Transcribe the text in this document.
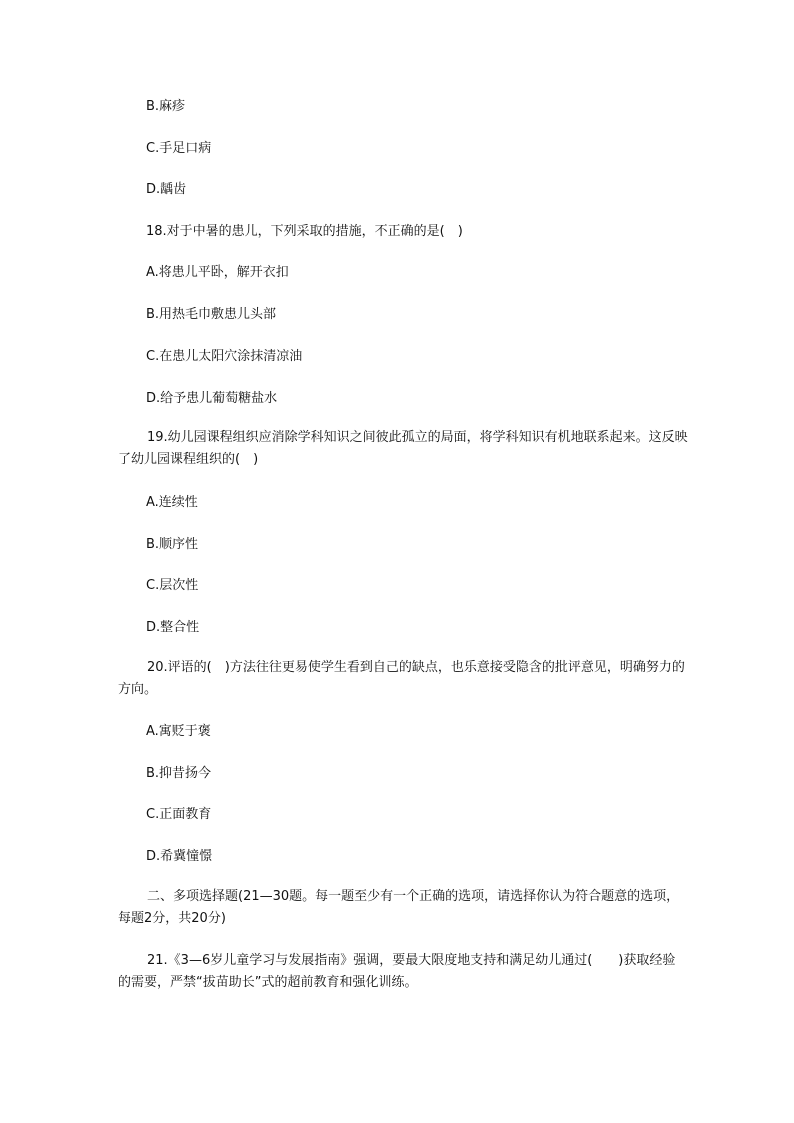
B.麻疹
C.手足口病
D.龋齿
18.对于中暑的患儿，下列采取的措施，不正确的是(　)
A.将患儿平卧，解开衣扣
B.用热毛巾敷患儿头部
C.在患儿太阳穴涂抹清凉油
D.给予患儿葡萄糖盐水
19.幼儿园课程组织应消除学科知识之间彼此孤立的局面，将学科知识有机地联系起来。这反映了幼儿园课程组织的(　)
A.连续性
B.顺序性
C.层次性
D.整合性
20.评语的(　)方法往往更易使学生看到自己的缺点，也乐意接受隐含的批评意见，明确努力的方向。
A.寓贬于褒
B.抑昔扬今
C.正面教育
D.希冀憧憬
二、多项选择题(21—30题。每一题至少有一个正确的选项，请选择你认为符合题意的选项，每题2分，共20分)
21.《3—6岁儿童学习与发展指南》强调，要最大限度地支持和满足幼儿通过(　　)获取经验的需要，严禁“拔苗助长”式的超前教育和强化训练。
